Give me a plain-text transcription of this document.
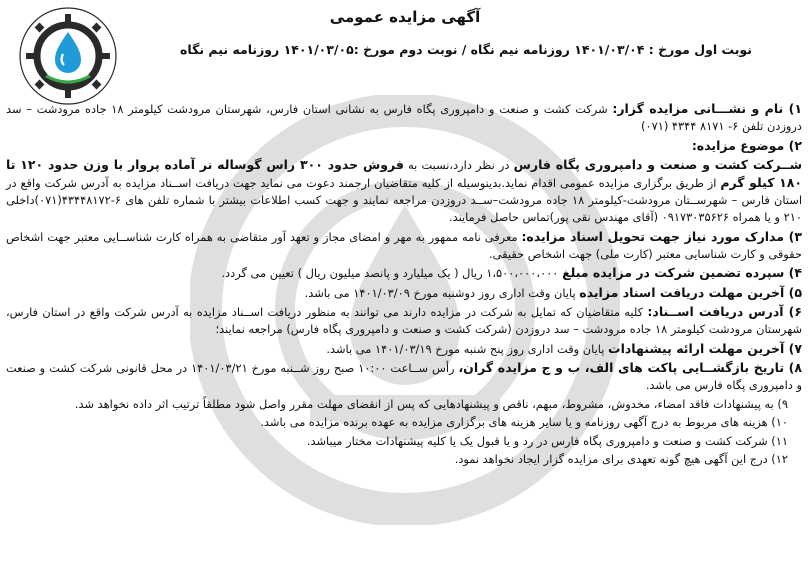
آگهی مزایده عمومی
نوبت اول مورخ : ۱۴۰۱/۰۳/۰۴ روزنامه نیم نگاه / نوبت دوم مورخ :۱۴۰۱/۰۳/۰۵ روزنامه نیم نگاه

۱) نام و نشـــانی مزایده گزار: شرکت کشت و صنعت و دامپروری پگاه فارس به نشانی استان فارس، شهرستان مرودشت کیلومتر ۱۸ جاده مرودشت – سد دروزدن تلفن ۶- ۸۱۷۱ ۴۳۴۴ (۰۷۱)

۲) موضوع مزایده:

شــرکت کشت و صنعت و دامپروری پگاه فارس در نظر دارد،نسبت به فروش حدود ۳۰۰ راس گوساله نر آماده پروار با وزن حدود ۱۲۰ تا ۱۸۰ کیلو گرم از طریق برگزاری مزایده عمومی اقدام نماید.بدینوسیله از کلیه متقاضیان ارجمند دعوت می نماید جهت دریافت اســناد مزایده به آدرس شرکت واقع در استان فارس – شهرســتان مرودشت-کیلومتر ۱۸ جاده مرودشت–ســد دروزدن مراجعه نمایند و جهت کسب اطلاعات بیشتر با شماره تلفن های ۶-۴۳۴۴۸۱۷۲(۰۷۱)داخلی ۲۱۰ و یا همراه ۰۹۱۷۳۰۳۵۶۲۶ (آقای مهندس نقی پور)تماس حاصل فرمایند.

۳) مدارک مورد نیاز جهت تحویل اسناد مزایده: معرفی نامه ممهور به مهر و امضای مجاز و تعهد آور متقاضی به همراه کارت شناســایی معتبر جهت اشخاص حقوقی و کارت شناسایی معتبر (کارت ملی) جهت اشخاص حقیقی.

۴) سپرده تضمین شرکت در مزایده مبلغ ۱،۵۰۰،۰۰۰،۰۰۰ ریال ( یک میلیارد و پانصد میلیون ریال ) تعیین می گردد.

۵) آخرین مهلت دریافت اسناد مزایده پایان وقت اداری روز دوشنبه مورخ ۱۴۰۱/۰۳/۰۹ می باشد.

۶) آدرس دریافت اســناد: کلیه متقاضیان که تمایل به شرکت در مزایده دارند می توانند به منظور دریافت اســناد مزایده به آدرس شرکت واقع در استان فارس، شهرستان مرودشت کیلومتر ۱۸ جاده مرودشت – سد دروزدن (شرکت کشت و صنعت و دامپروری پگاه فارس) مراجعه نمایند؛

۷) آخرین مهلت ارائه پیشنهادات پایان وقت اداری روز پنج شنبه مورخ ۱۴۰۱/۰۳/۱۹ می باشد.

۸) تاریخ بازگشــایی پاکت های الف، ب و ج مزایده گران، رأس ســاعت ۱۰:۰۰ صبح روز شــنبه مورخ ۱۴۰۱/۰۳/۲۱ در محل قانونی شرکت کشت و صنعت و دامپروری پگاه فارس می باشد.

۹) به پیشنهادات فاقد امضاء، مخدوش، مشروط، مبهم، ناقص و پیشنهادهایی که پس از انقضای مهلت مقرر واصل شود مطلقاً ترتیب اثر داده نخواهد شد.

۱۰) هزینه های مربوط به درج آگهی روزنامه و یا سایر هزینه های برگزاری مزایده به عهده برنده مزایده می باشد.

۱۱) شرکت کشت و صنعت و دامپروری پگاه فارس در رد و یا قبول یک یا کلیه پیشنهادات مختار میباشد.

۱۲) درج این آگهی هیچ گونه تعهدی برای مزایده گزار ایجاد نخواهد نمود.
